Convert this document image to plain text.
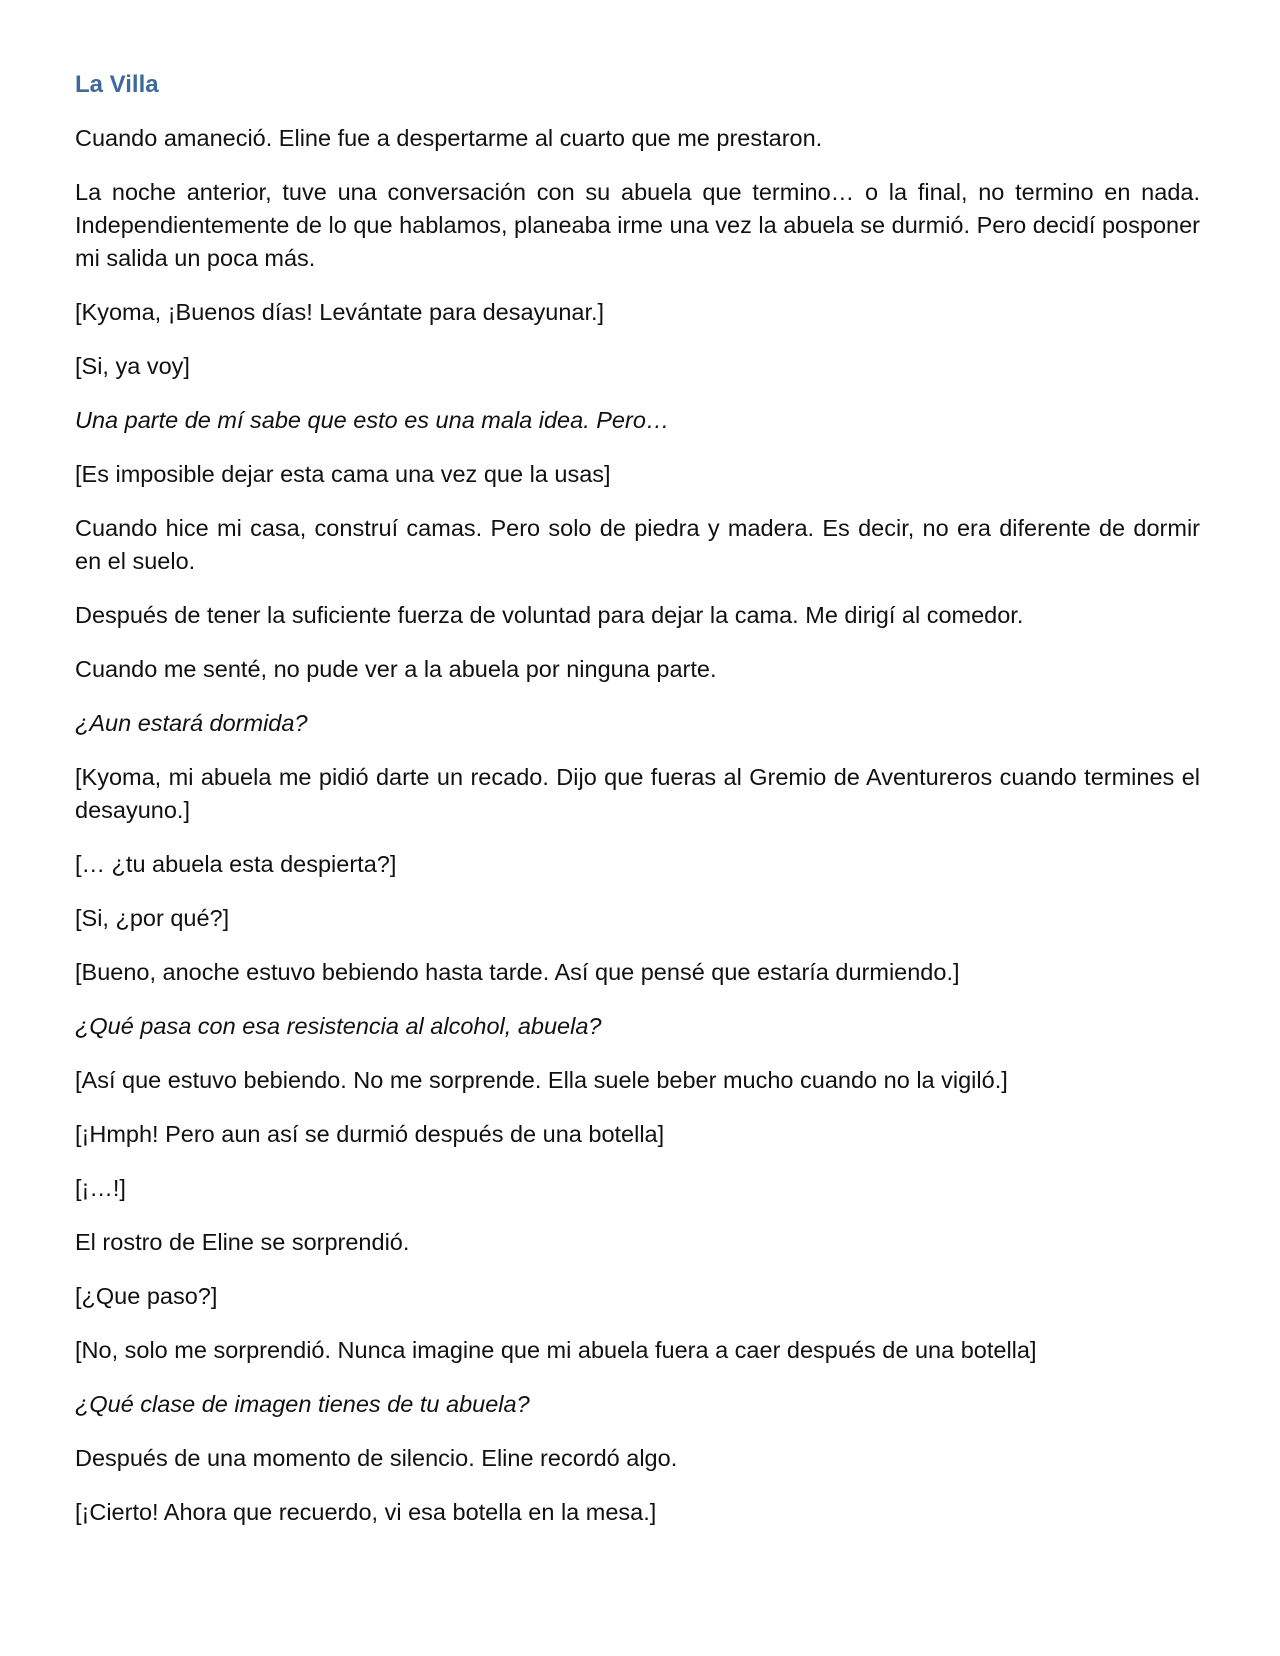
La Villa

Cuando amaneció. Eline fue a despertarme al cuarto que me prestaron.

La noche anterior, tuve una conversación con su abuela que termino… o la final, no termino en nada. Independientemente de lo que hablamos, planeaba irme una vez la abuela se durmió. Pero decidí posponer mi salida un poca más.

[Kyoma, ¡Buenos días! Levántate para desayunar.]

[Si, ya voy]

Una parte de mí sabe que esto es una mala idea. Pero…

[Es imposible dejar esta cama una vez que la usas]

Cuando hice mi casa, construí camas. Pero solo de piedra y madera. Es decir, no era diferente de dormir en el suelo.

Después de tener la suficiente fuerza de voluntad para dejar la cama. Me dirigí al comedor.

Cuando me senté, no pude ver a la abuela por ninguna parte.

¿Aun estará dormida?

[Kyoma, mi abuela me pidió darte un recado. Dijo que fueras al Gremio de Aventureros cuando termines el desayuno.]

[… ¿tu abuela esta despierta?]

[Si, ¿por qué?]

[Bueno, anoche estuvo bebiendo hasta tarde. Así que pensé que estaría durmiendo.]

¿Qué pasa con esa resistencia al alcohol, abuela?

[Así que estuvo bebiendo. No me sorprende. Ella suele beber mucho cuando no la vigiló.]

[¡Hmph! Pero aun así se durmió después de una botella]

[¡…!]

El rostro de Eline se sorprendió.

[¿Que paso?]

[No, solo me sorprendió. Nunca imagine que mi abuela fuera a caer después de una botella]

¿Qué clase de imagen tienes de tu abuela?

Después de una momento de silencio. Eline recordó algo.

[¡Cierto! Ahora que recuerdo, vi esa botella en la mesa.]
